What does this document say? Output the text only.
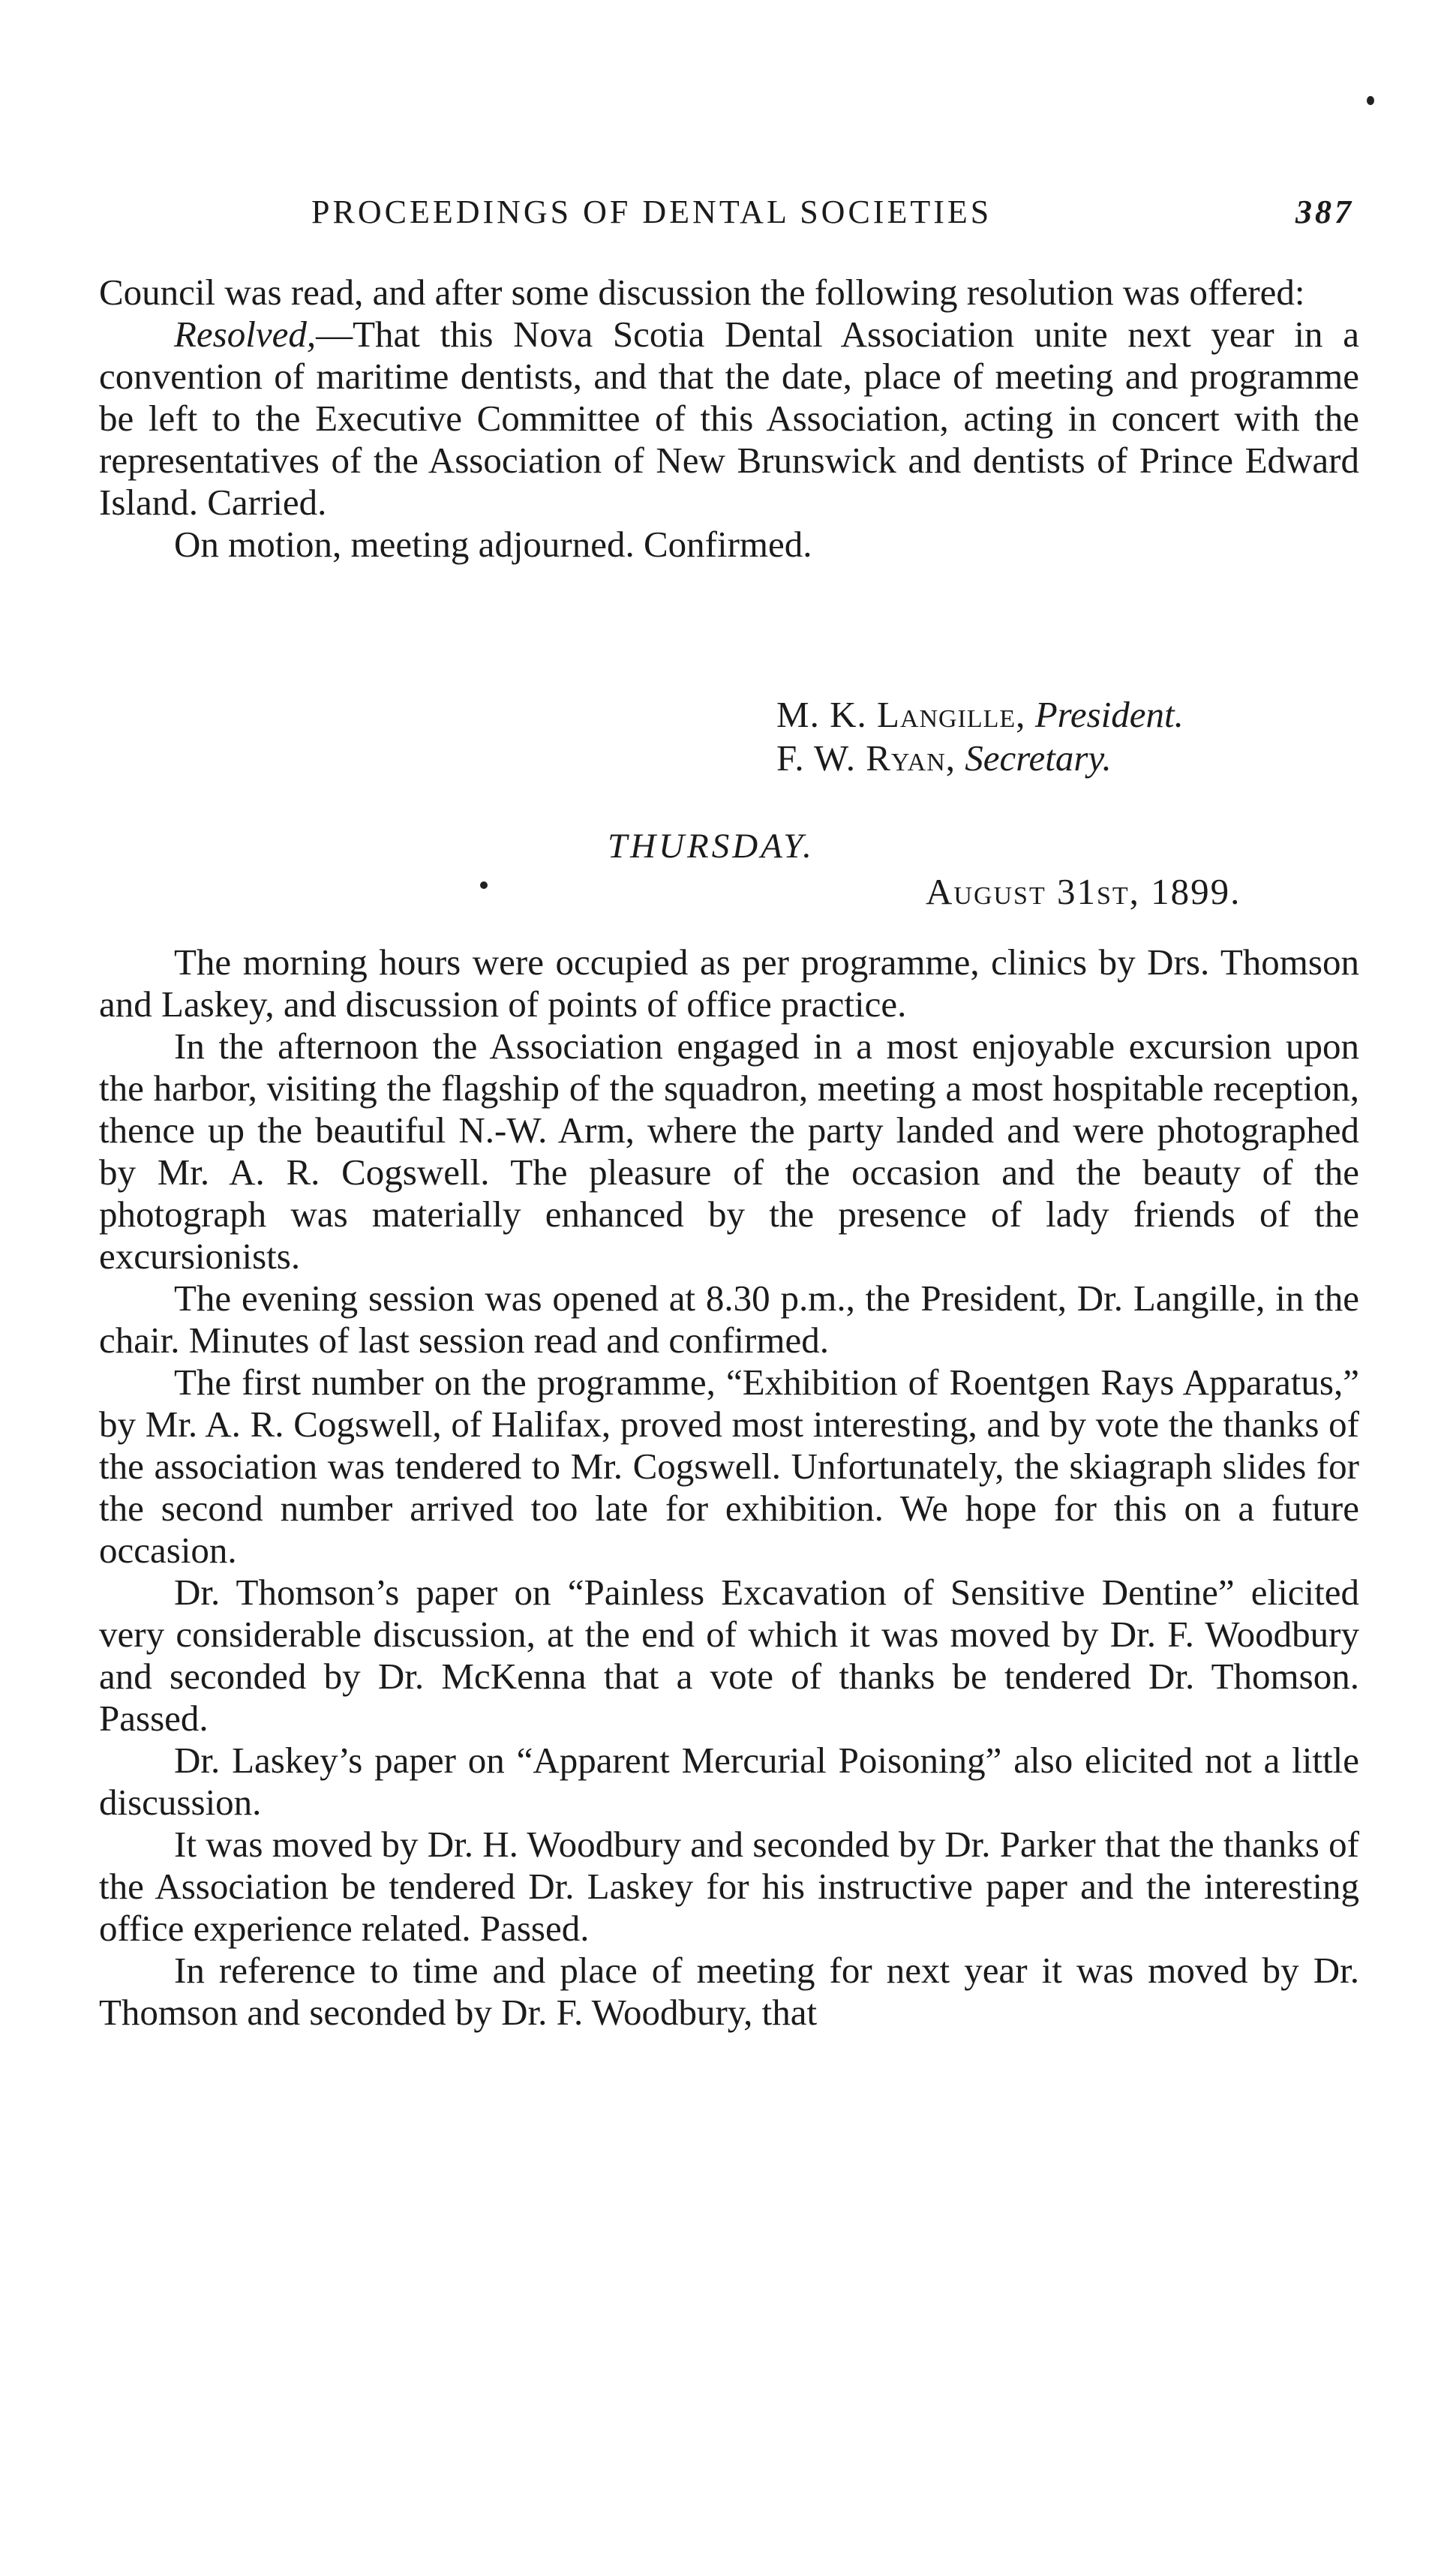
PROCEEDINGS OF DENTAL SOCIETIES	387

Council was read, and after some discussion the following resolution was offered:

Resolved,—That this Nova Scotia Dental Association unite next year in a convention of maritime dentists, and that the date, place of meeting and programme be left to the Executive Committee of this Association, acting in concert with the representatives of the Association of New Brunswick and dentists of Prince Edward Island. Carried.

On motion, meeting adjourned. Confirmed.

M. K. Langille, President.
F. W. Ryan, Secretary.
THURSDAY.
August 31st, 1899.

The morning hours were occupied as per programme, clinics by Drs. Thomson and Laskey, and discussion of points of office practice.

In the afternoon the Association engaged in a most enjoyable excursion upon the harbor, visiting the flagship of the squadron, meeting a most hospitable reception, thence up the beautiful N.-W. Arm, where the party landed and were photographed by Mr. A. R. Cogswell. The pleasure of the occasion and the beauty of the photograph was materially enhanced by the presence of lady friends of the excursionists.

The evening session was opened at 8.30 p.m., the President, Dr. Langille, in the chair. Minutes of last session read and confirmed.

The first number on the programme, “Exhibition of Roentgen Rays Apparatus,” by Mr. A. R. Cogswell, of Halifax, proved most interesting, and by vote the thanks of the association was tendered to Mr. Cogswell. Unfortunately, the skiagraph slides for the second number arrived too late for exhibition. We hope for this on a future occasion.

Dr. Thomson’s paper on “Painless Excavation of Sensitive Dentine” elicited very considerable discussion, at the end of which it was moved by Dr. F. Woodbury and seconded by Dr. McKenna that a vote of thanks be tendered Dr. Thomson. Passed.

Dr. Laskey’s paper on “Apparent Mercurial Poisoning” also elicited not a little discussion.

It was moved by Dr. H. Woodbury and seconded by Dr. Parker that the thanks of the Association be tendered Dr. Laskey for his instructive paper and the interesting office experience related. Passed.

In reference to time and place of meeting for next year it was moved by Dr. Thomson and seconded by Dr. F. Woodbury, that
